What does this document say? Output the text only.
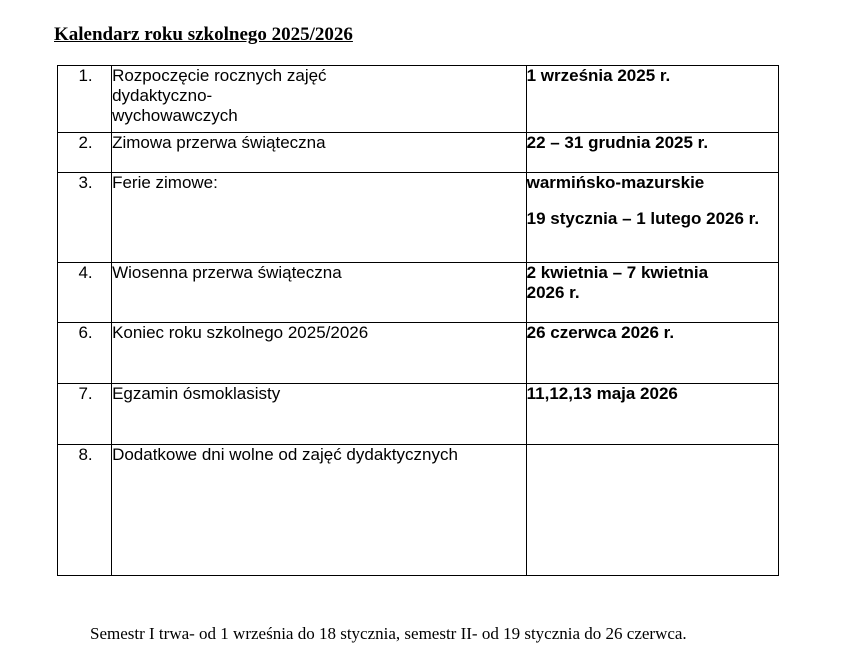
Kalendarz roku szkolnego 2025/2026
1.	Rozpoczęcie rocznych zajęć
dydaktyczno-
wychowawczych	1 września 2025 r.

2.	Zimowa przerwa świąteczna	22 – 31 grudnia 2025 r.

3.	Ferie zimowe:	warmińsko-mazurskie
19 stycznia – 1 lutego 2026 r.

4.	Wiosenna przerwa świąteczna	2 kwietnia – 7 kwietnia
2026 r.

6.	Koniec roku szkolnego 2025/2026	26 czerwca 2026 r.

7.	Egzamin ósmoklasisty	11,12,13 maja 2026

8.	Dodatkowe dni wolne od zajęć dydaktycznych	

Semestr I trwa- od 1 września do 18 stycznia, semestr II- od 19 stycznia do 26 czerwca.
